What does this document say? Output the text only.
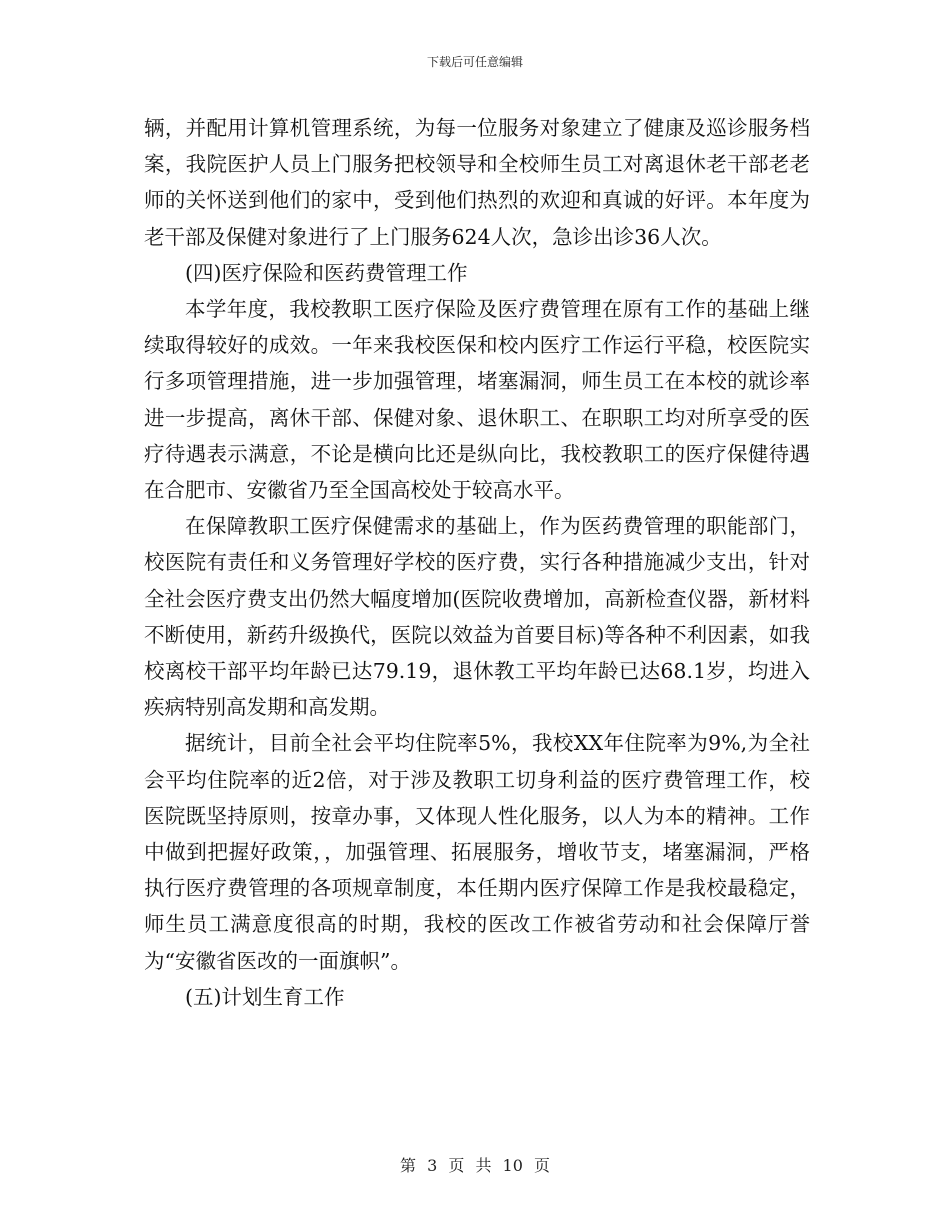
下载后可任意编辑

辆，并配用计算机管理系统，为每一位服务对象建立了健康及巡诊服务档案，我院医护人员上门服务把校领导和全校师生员工对离退休老干部老老师的关怀送到他们的家中，受到他们热烈的欢迎和真诚的好评。本年度为老干部及保健对象进行了上门服务624人次，急诊出诊36人次。

(四)医疗保险和医药费管理工作

本学年度，我校教职工医疗保险及医疗费管理在原有工作的基础上继续取得较好的成效。一年来我校医保和校内医疗工作运行平稳，校医院实行多项管理措施，进一步加强管理，堵塞漏洞，师生员工在本校的就诊率进一步提高，离休干部、保健对象、退休职工、在职职工均对所享受的医疗待遇表示满意，不论是横向比还是纵向比，我校教职工的医疗保健待遇在合肥市、安徽省乃至全国高校处于较高水平。

在保障教职工医疗保健需求的基础上，作为医药费管理的职能部门，校医院有责任和义务管理好学校的医疗费，实行各种措施减少支出，针对全社会医疗费支出仍然大幅度增加(医院收费增加，高新检查仪器，新材料不断使用，新药升级换代，医院以效益为首要目标)等各种不利因素，如我校离校干部平均年龄已达79.19，退休教工平均年龄已达68.1岁，均进入疾病特别高发期和高发期。

据统计，目前全社会平均住院率5%，我校XX年住院率为9%,为全社会平均住院率的近2倍，对于涉及教职工切身利益的医疗费管理工作，校医院既坚持原则，按章办事，又体现人性化服务，以人为本的精神。工作中做到把握好政策，，加强管理、拓展服务，增收节支，堵塞漏洞，严格执行医疗费管理的各项规章制度，本任期内医疗保障工作是我校最稳定，师生员工满意度很高的时期，我校的医改工作被省劳动和社会保障厅誉为“安徽省医改的一面旗帜”。

(五)计划生育工作

第 3 页 共 10 页
